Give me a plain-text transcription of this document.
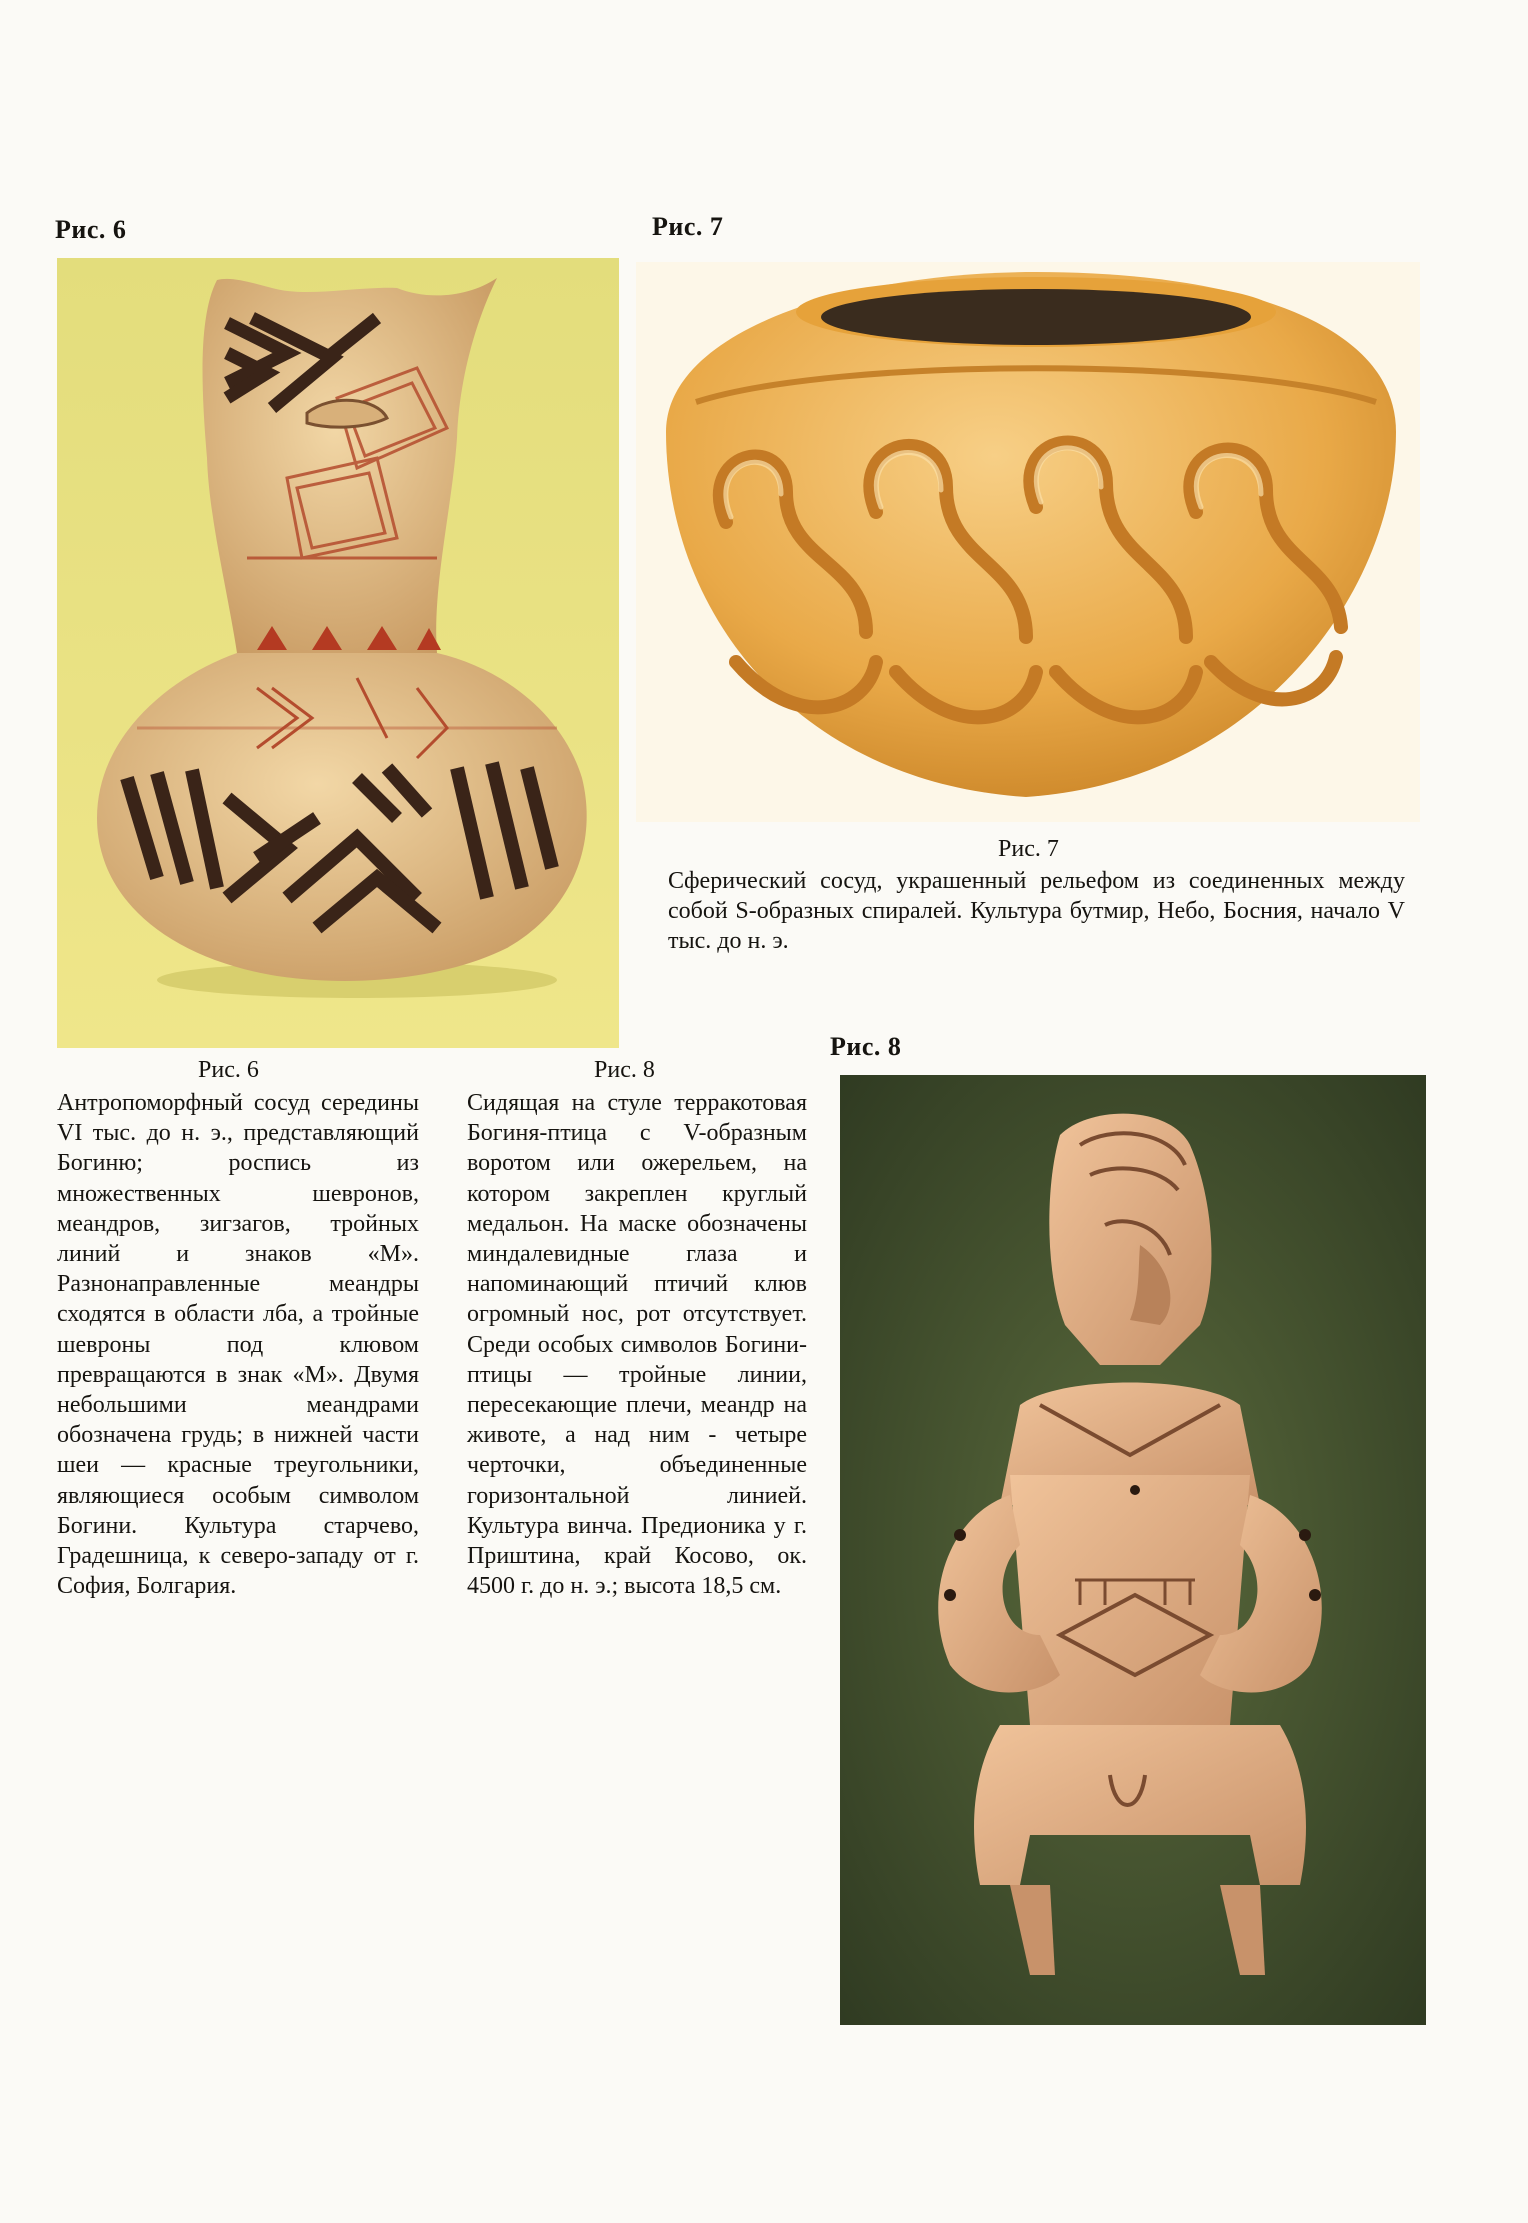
Рис. 6	Рис. 7
Рис. 8
Рис. 7
Сферический сосуд, украшенный рельефом из соединенных между собой S-образных спиралей. Культура бутмир, Небо, Босния, начало V тыс. до н. э.
Рис. 6
Антропоморфный сосуд середины VI тыс. до н. э., представляющий Богиню; роспись из множественных шевронов, меандров, зигзагов, тройных линий и знаков «М». Разнонаправленные меандры сходятся в области лба, а тройные шевроны под клювом превращаются в знак «М». Двумя небольшими меандрами обозначена грудь; в нижней части шеи — красные треугольники, являющиеся особым символом Богини. Культура старчево, Градешница, к северо-западу от г. София, Болгария.
Рис. 8
Сидящая на стуле терракотовая Богиня-птица с V-образным воротом или ожерельем, на котором закреплен круглый медальон. На маске обозначены миндалевидные глаза и напоминающий птичий клюв огромный нос, рот отсутствует. Среди особых символов Богини-птицы — тройные линии, пересекающие плечи, меандр на животе, а над ним - четыре черточки, объединенные горизонтальной линией. Культура винча. Предионика у г. Приштина, край Косово, ок. 4500 г. до н. э.; высота 18,5 см.
